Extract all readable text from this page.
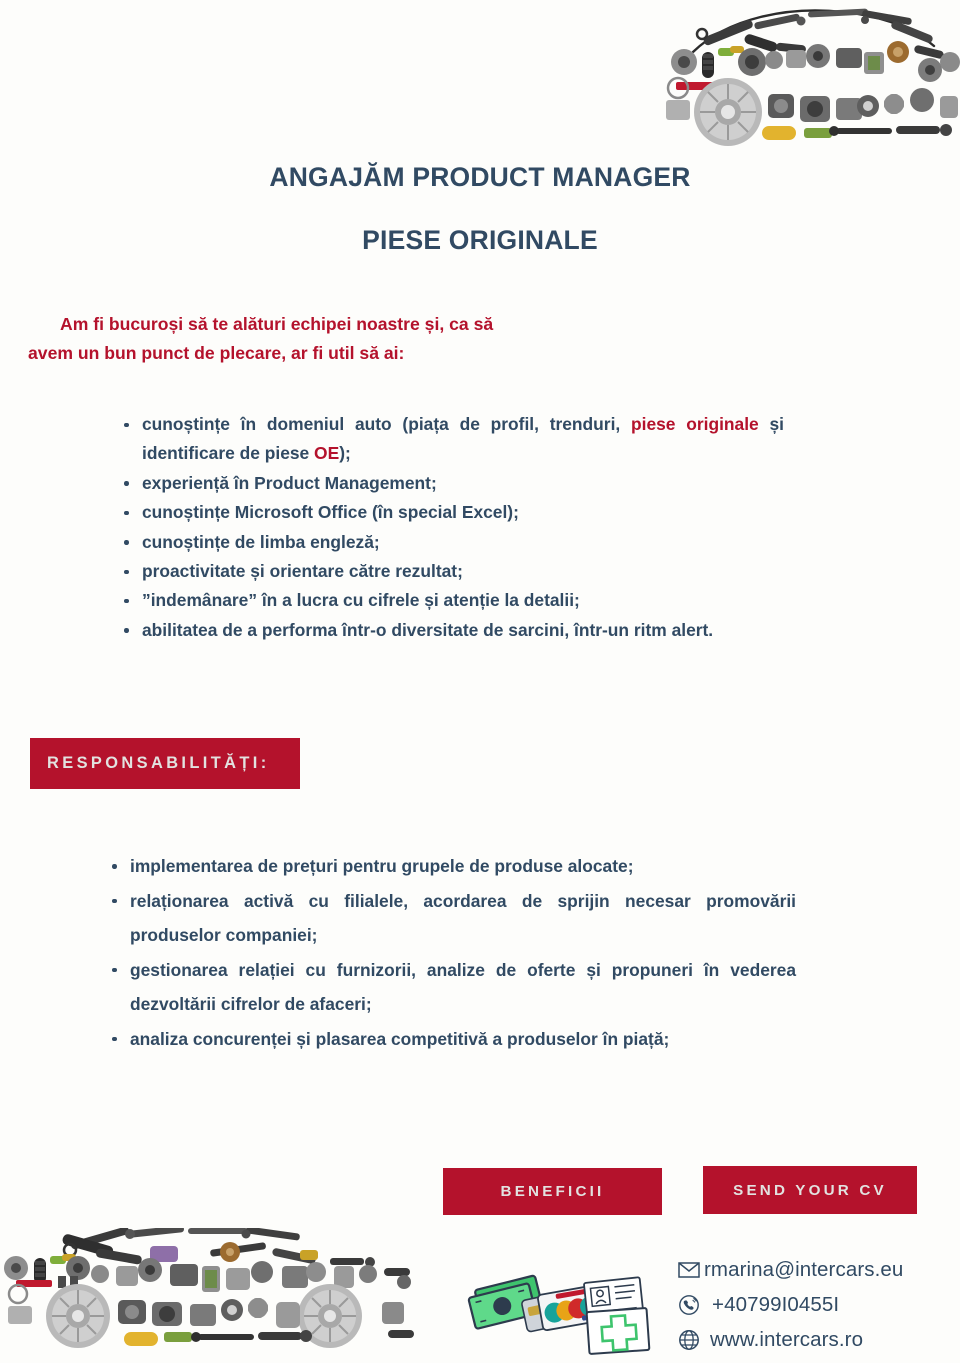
ANGAJĂM PRODUCT MANAGER
PIESE ORIGINALE
Am fi bucuroși să te alături echipei noastre și, ca să
avem un bun punct de plecare, ar fi util să ai:
cunoștințe în domeniul auto (piața de profil, trenduri, piese originale și identificare de piese OE);
experiență în Product Management;
cunoștințe Microsoft Office (în special Excel);
cunoștințe de limba engleză;
proactivitate și orientare către rezultat;
”indemânare” în a lucra cu cifrele și atenție la detalii;
abilitatea de a performa într-o diversitate de sarcini, într-un ritm alert.
RESPONSABILITĂȚI:
implementarea de prețuri pentru grupele de produse alocate;
relaționarea activă cu filialele, acordarea de sprijin necesar promovării produselor companiei;
gestionarea relației cu furnizorii, analize de oferte și propuneri în vederea dezvoltării cifrelor de afaceri;
analiza concurenței și plasarea competitivă a produselor în piață;
BENEFICII	SEND YOUR CV
rmarina@intercars.eu
+40799I0455I
www.intercars.ro
